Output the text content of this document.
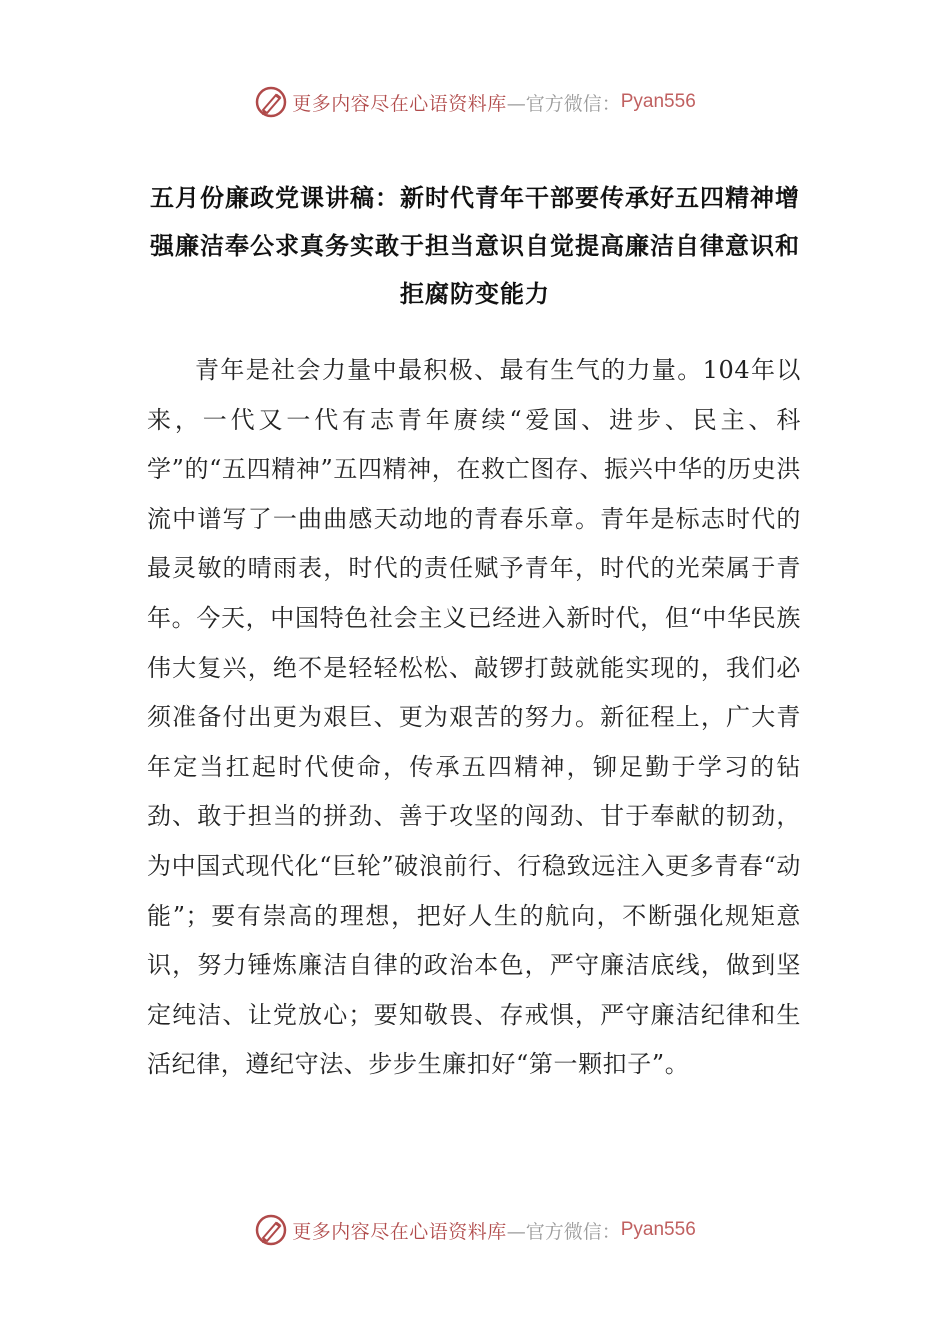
更多内容尽在心语资料库 —官方微信： Pyan556
五月份廉政党课讲稿：新时代青年干部要传承好五四精神增强廉洁奉公求真务实敢于担当意识自觉提高廉洁自律意识和拒腐防变能力

青年是社会力量中最积极、最有生气的力量。104年以来，一代又一代有志青年赓续“爱国、进步、民主、科学”的“五四精神”五四精神，在救亡图存、振兴中华的历史洪流中谱写了一曲曲感天动地的青春乐章。青年是标志时代的最灵敏的晴雨表，时代的责任赋予青年，时代的光荣属于青年。今天，中国特色社会主义已经进入新时代，但“中华民族伟大复兴，绝不是轻轻松松、敲锣打鼓就能实现的，我们必须准备付出更为艰巨、更为艰苦的努力。新征程上，广大青年定当扛起时代使命，传承五四精神，铆足勤于学习的钻劲、敢于担当的拼劲、善于攻坚的闯劲、甘于奉献的韧劲，为中国式现代化“巨轮”破浪前行、行稳致远注入更多青春“动能”；要有崇高的理想，把好人生的航向，不断强化规矩意识，努力锤炼廉洁自律的政治本色，严守廉洁底线，做到坚定纯洁、让党放心；要知敬畏、存戒惧，严守廉洁纪律和生活纪律，遵纪守法、步步生廉扣好“第一颗扣子”。

更多内容尽在心语资料库 —官方微信： Pyan556
